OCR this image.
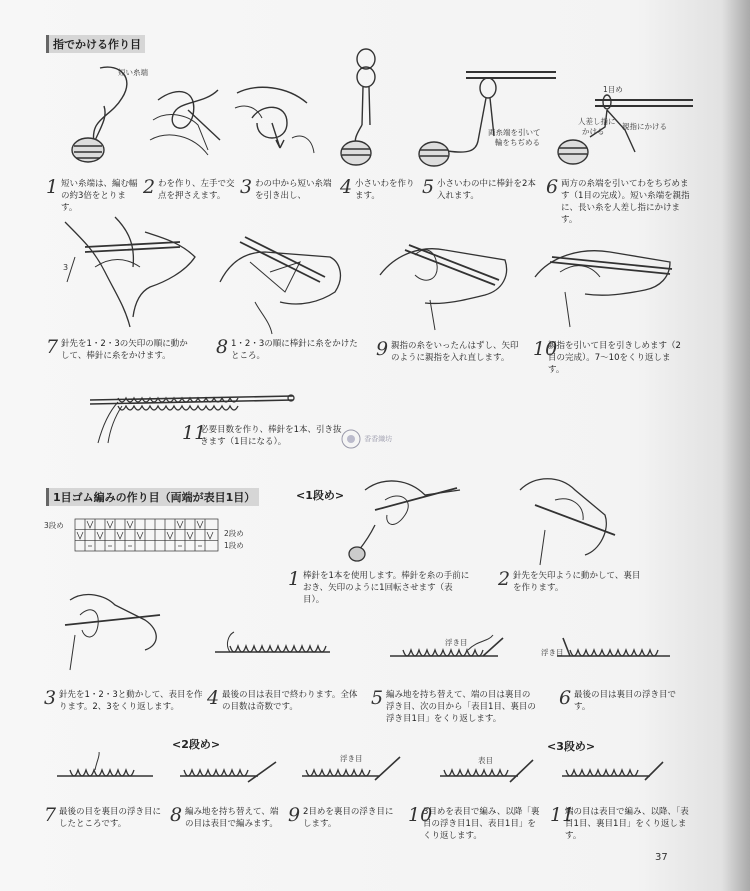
指でかける作り目
短い糸端
両糸端を引いて
輪をちぢめる
1目め
人差し指に
かける
親指にかける
1 短い糸端は、編む幅の約3倍をとります。
2 わを作り、左手で交点を押さえます。 3 わの中から短い糸端を引き出し、	4 小さいわを作ります。	5 小さいわの中に棒針を2本入れます。	6 両方の糸端を引いてわをちぢめます（1目の完成）。短い糸端を親指に、長い糸を人差し指にかけます。
3
7 針先を1・2・3の矢印の順に動かして、棒針に糸をかけます。	8 1・2・3の順に棒針に糸をかけたところ。	9 親指の糸をいったんはずし、矢印のように親指を入れ直します。	10
親指を引いて目を引きしめます（2目の完成）。7〜10をくり返します。
11
必要目数を作り、棒針を1本、引き抜きます（1目になる）。	香香織坊
1目ゴム編みの作り目（両端が表目1目）	<1段め>
3段め
2段め
1段め
1 棒針を1本を使用します。棒針を糸の手前におき、矢印のように1回転させます（表目）。
2 針先を矢印ように動かして、裏目を作ります。
浮き目
浮き目
3 針先を1・2・3と動かして、表目を作ります。2、3をくり返します。	4 最後の目は表目で終わります。全体の目数は奇数です。	5 編み地を持ち替えて、端の目は裏目の浮き目、次の目から「表目1目、裏目の浮き目1目」をくり返します。
6 最後の目は裏目の浮き目です。
<2段め>	<3段め>
浮き目	表目
7 最後の目を裏目の浮き目にしたところです。	8 編み地を持ち替えて、端の目は表目で編みます。 9 2目めを裏目の浮き目にします。	10
3目めを表目で編み、以降「裏目の浮き目1目、表目1目」をくり返します。
11
端の目は表目で編み、以降、「表目1目、裏目1目」をくり返します。
37
